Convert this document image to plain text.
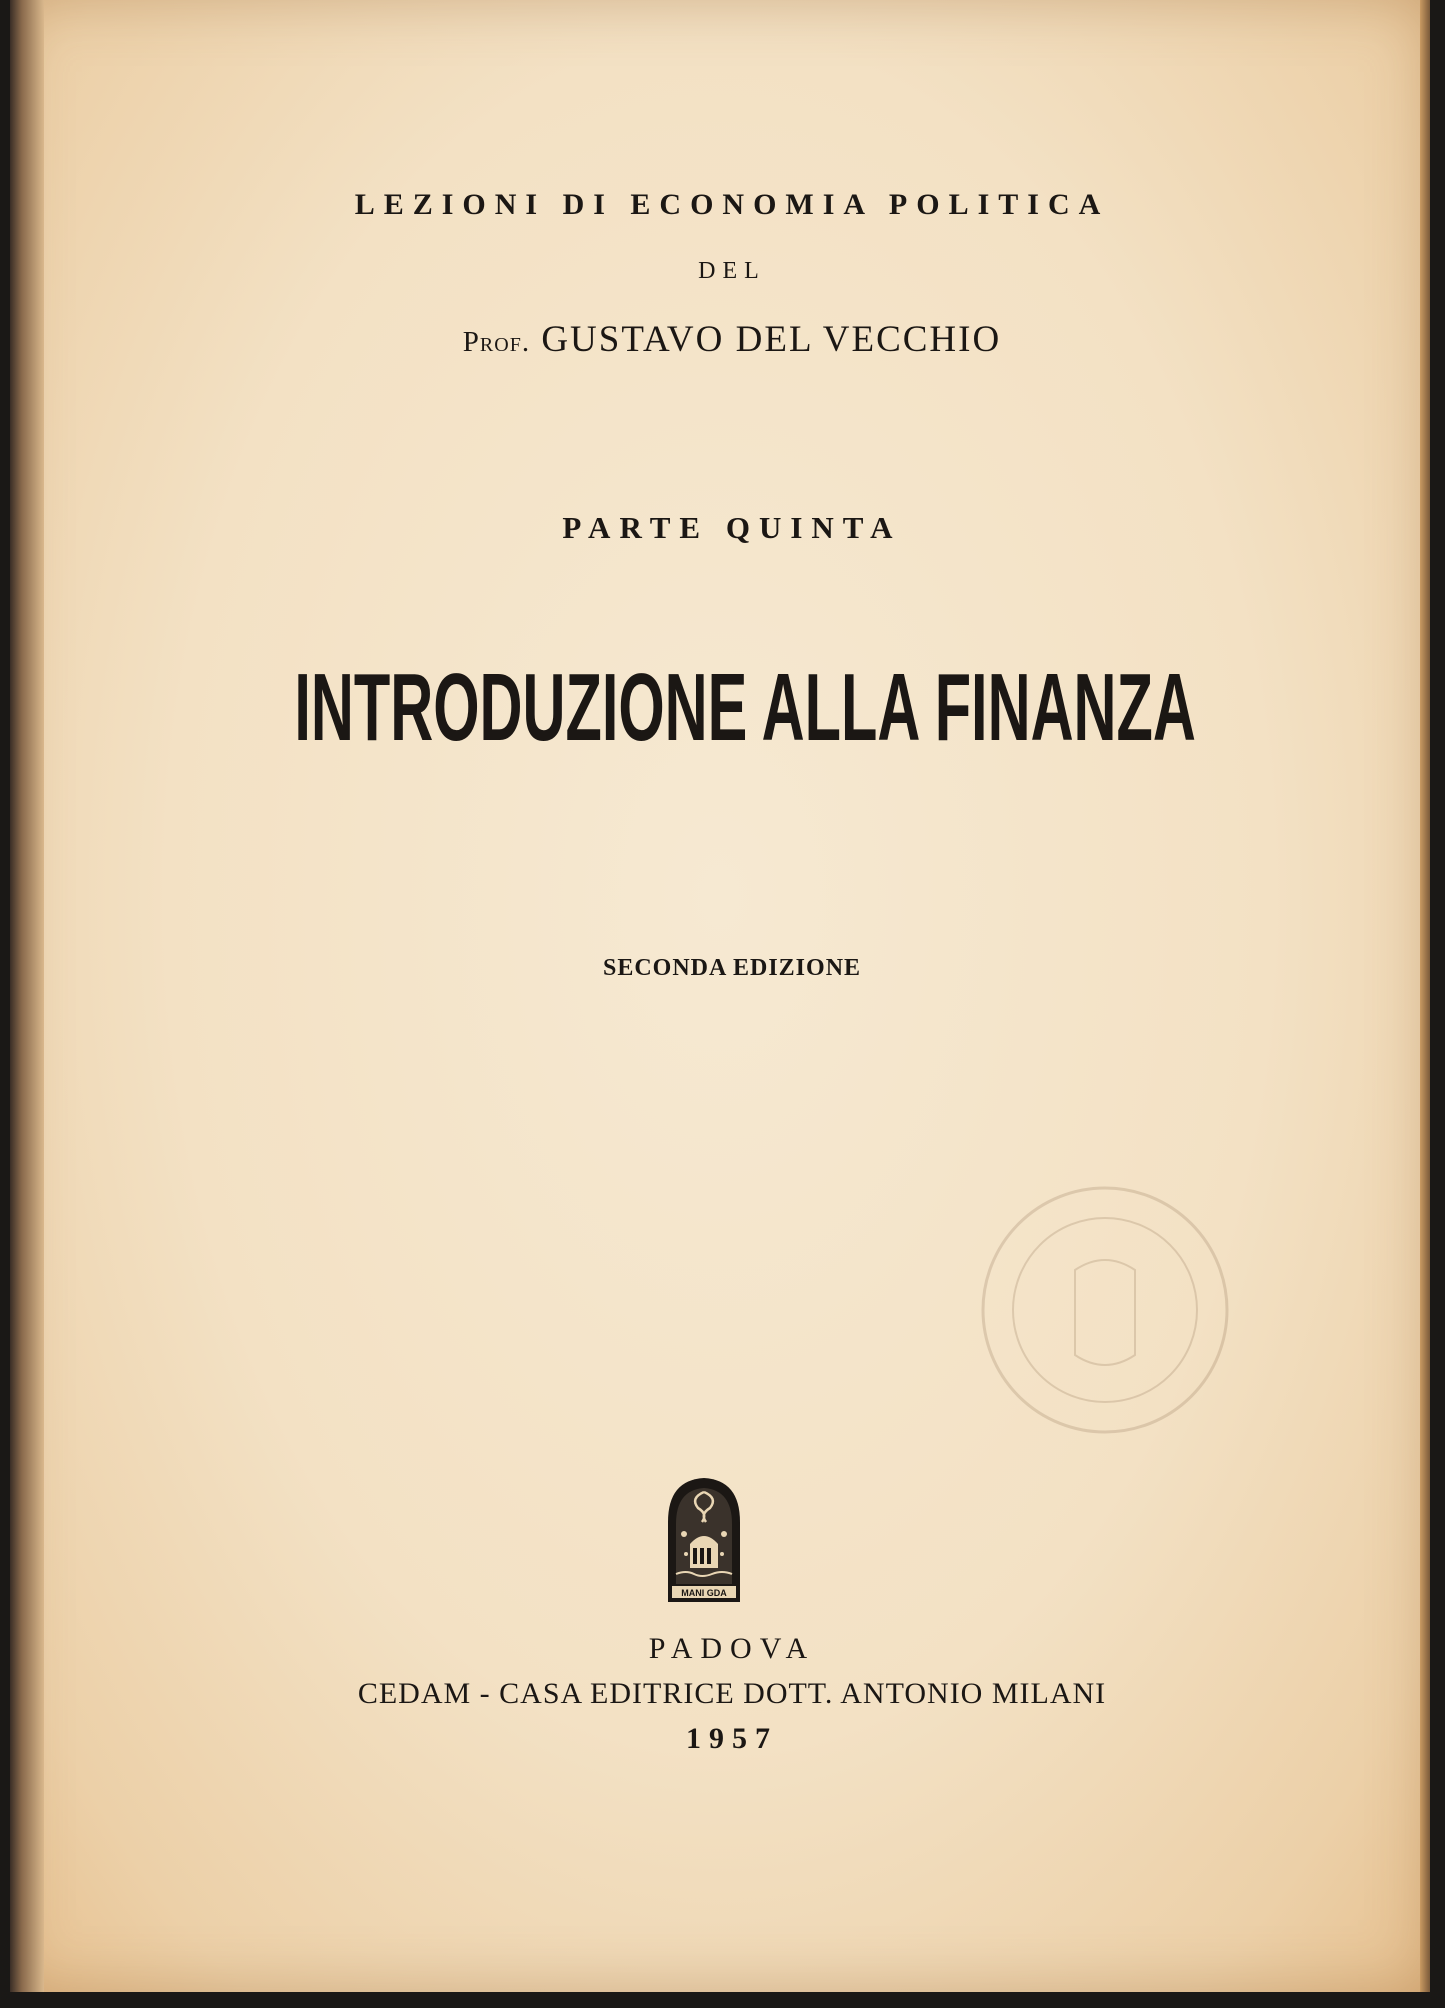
LEZIONI DI ECONOMIA POLITICA
DEL
Prof. GUSTAVO DEL VECCHIO
PARTE QUINTA
INTRODUZIONE ALLA FINANZA
SECONDA EDIZIONE
MANI GDA
PADOVA
CEDAM - CASA EDITRICE DOTT. ANTONIO MILANI
1957
